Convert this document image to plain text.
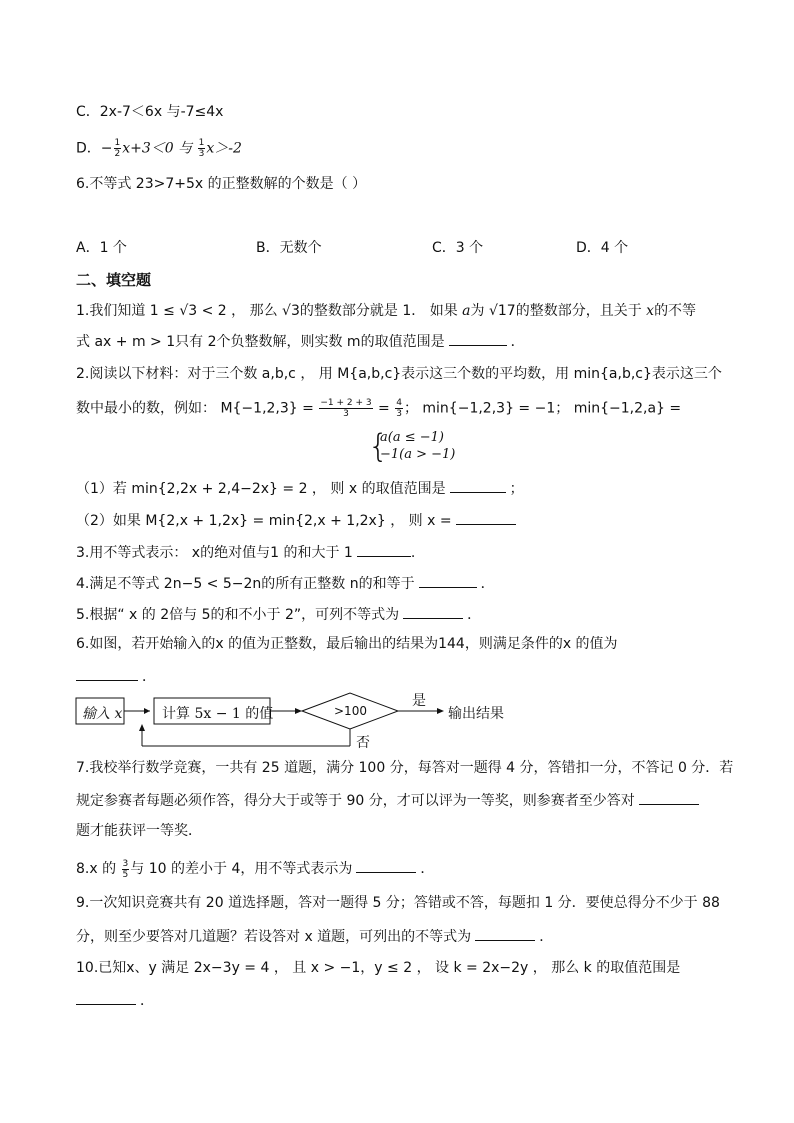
C．2x-7＜6x 与-7≤4x
D．− $\frac{1}{2} x+3<0$ 与 $\frac{1}{3} x>-2$
6.不等式 23>7+5x 的正整数解的个数是（ ）
A．1 个	B．无数个	C．3 个	D．4 个
二、填空题
1.我们知道 1 ≤ √3 < 2 ， 那么 √3的整数部分就是 1． 如果 a为 √17的整数部分，且关于 x的不等
式 ax + m > 1只有 2个负整数解，则实数 m的取值范围是	．
2.阅读以下材料：对于三个数 a,b,c ， 用 M{a,b,c}表示这三个数的平均数，用 min{a,b,c}表示这三个
数中最小的数，例如： $M\{-1,2,3\} = \frac{-1 + 2 + 3}{3} = \frac{4}{3}$ ； min{−1,2,3} = −1； min{−1,2,a} =
{
a(a ≤ −1)
−1(a > −1)
（1）若 min{2,2x + 2,4−2x} = 2 ， 则 x 的取值范围是	；
（2）如果 M{2,x + 1,2x} = min{2,x + 1,2x} ， 则 x =
3.用不等式表示： x的绝对值与1 的和大于 1	.
4.满足不等式 2n−5 < 5−2n的所有正整数 n的和等于	．
5.根据“ x 的 2倍与 5的和不小于 2”，可列不等式为	．
6.如图，若开始输入的x 的值为正整数，最后输出的结果为144，则满足条件的x 的值为
．
输入 x	计算 5x − 1 的值	>100
是
否
输出结果
7.我校举行数学竞赛，一共有 25 道题，满分 100 分，每答对一题得 4 分，答错扣一分，不答记 0 分．若
规定参赛者每题必须作答，得分大于或等于 90 分，才可以评为一等奖，则参赛者至少答对
题才能获评一等奖．
8.x 的 $\frac{3}{5}$ 与 10 的差小于 4，用不等式表示为	．
9.一次知识竞赛共有 20 道选择题，答对一题得 5 分；答错或不答，每题扣 1 分．要使总得分不少于 88
分，则至少要答对几道题？若设答对 x 道题，可列出的不等式为	．
10.已知x、y 满足 2x−3y = 4 ， 且 x > −1，y ≤ 2 ， 设 k = 2x−2y ， 那么 k 的取值范围是
．
